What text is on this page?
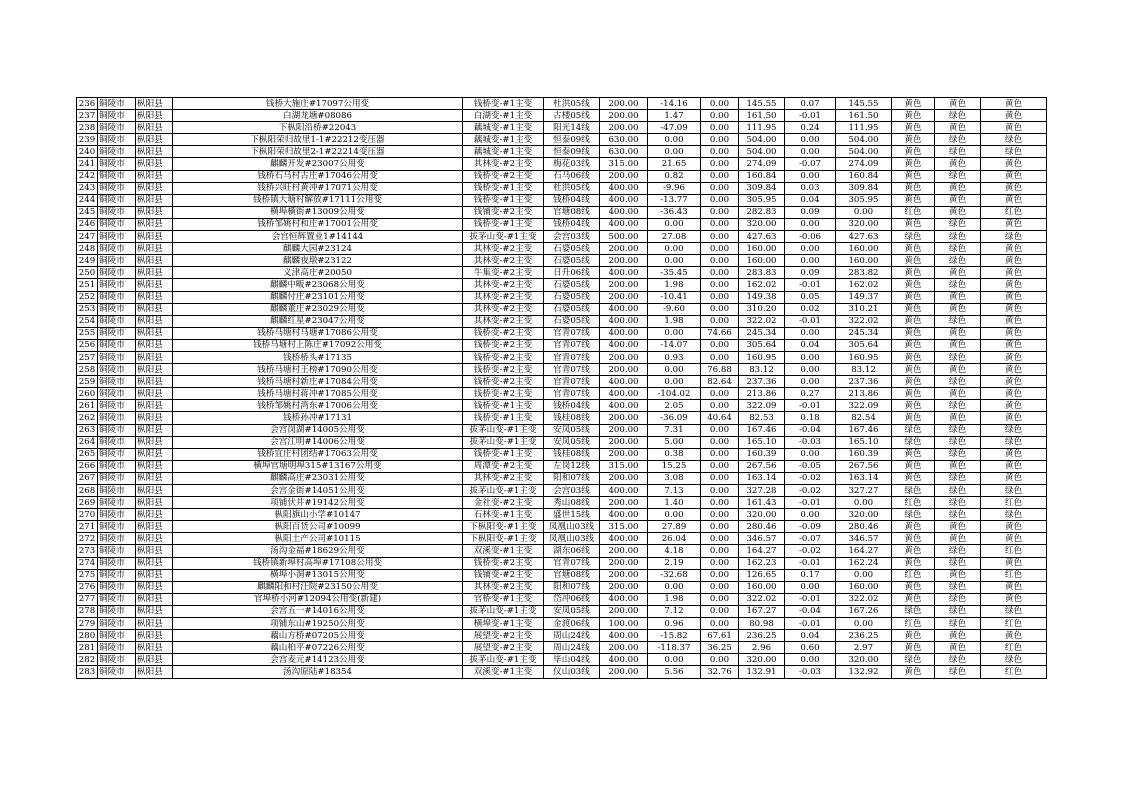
236	铜陵市	枞阳县	钱桥大施庄#17097公用变	钱桥变-#1主变	杜洪05线	200.00	-14.16	0.00	145.55	0.07	145.55	黄色	黄色	黄色
237	铜陵市	枞阳县	白湖龙塘#08086	白湖变-#1主变	古楼05线	200.00	1.47	0.00	161.50	-0.01	161.50	黄色	绿色	黄色
238	铜陵市	枞阳县	下枞阳沿桥#22043	藕城变-#1主变	阳光14线	200.00	-47.09	0.00	111.95	0.24	111.95	黄色	黄色	黄色
239	铜陵市	枞阳县	下枞阳荣归故里1-1#22212变压器	藕城变-#1主变	恒泰09线	630.00	0.00	0.00	504.00	0.00	504.00	黄色	绿色	绿色
240	铜陵市	枞阳县	下枞阳荣归故里2-1#22214变压器	藕城变-#1主变	恒泰09线	630.00	0.00	0.00	504.00	0.00	504.00	黄色	绿色	绿色
241	铜陵市	枞阳县	麒麟开发#23007公用变	其林变-#2主变	梅花03线	315.00	21.65	0.00	274.09	-0.07	274.09	黄色	黄色	黄色
242	铜陵市	枞阳县	钱桥石马村古庄#17046公用变	钱桥变-#2主变	石马06线	200.00	0.82	0.00	160.84	0.00	160.84	黄色	绿色	黄色
243	铜陵市	枞阳县	钱桥兴旺村黄冲#17071公用变	钱桥变-#1主变	杜洪05线	400.00	-9.96	0.00	309.84	0.03	309.84	黄色	黄色	黄色
244	铜陵市	枞阳县	钱桥镇大塘村解放#17111公用变	钱桥变-#1主变	钱桥04线	400.00	-13.77	0.00	305.95	0.04	305.95	黄色	黄色	黄色
245	铜陵市	枞阳县	横埠横街#13009公用变	钱铺变-#2主变	官塘08线	400.00	-36.43	0.00	282.83	0.09	0.00	红色	黄色	红色
246	铜陵市	枞阳县	钱桥邹姚村和庄#17001公用变	钱桥变-#1主变	钱桥04线	400.00	0.00	0.00	320.00	0.00	320.00	黄色	绿色	黄色
247	铜陵市	枞阳县	会宫恒辉置业1#14144	拔茅山变-#1主变	会宫03线	500.00	27.08	0.00	427.63	-0.06	427.63	绿色	绿色	绿色
248	铜陵市	枞阳县	麒麟大园#23124	其林变-#2主变	石婆05线	200.00	0.00	0.00	160.00	0.00	160.00	黄色	绿色	黄色
249	铜陵市	枞阳县	麒麟夜墩#23122	其林变-#2主变	石婆05线	200.00	0.00	0.00	160.00	0.00	160.00	黄色	绿色	黄色
250	铜陵市	枞阳县	义津高庄#20050	牛集变-#2主变	日升06线	400.00	-35.45	0.00	283.83	0.09	283.82	黄色	黄色	黄色
251	铜陵市	枞阳县	麒麟中畈#23068公用变	其林变-#2主变	石婆05线	200.00	1.98	0.00	162.02	-0.01	162.02	黄色	绿色	黄色
252	铜陵市	枞阳县	麒麟付庄#23101公用变	其林变-#2主变	石婆05线	200.00	-10.41	0.00	149.38	0.05	149.37	黄色	黄色	黄色
253	铜陵市	枞阳县	麒麟董庄#23029公用变	其林变-#2主变	石婆05线	400.00	-9.60	0.00	310.20	0.02	310.21	黄色	黄色	黄色
254	铜陵市	枞阳县	麒麟红星#23047公用变	其林变-#2主变	石婆05线	400.00	1.98	0.00	322.02	-0.01	322.02	黄色	绿色	黄色
255	铜陵市	枞阳县	钱桥马塘村马塘#17086公用变	钱桥变-#2主变	官青07线	400.00	0.00	74.66	245.34	0.00	245.34	黄色	黄色	黄色
256	铜陵市	枞阳县	钱桥马塘村上陈庄#17092公用变	钱桥变-#2主变	官青07线	400.00	-14.07	0.00	305.64	0.04	305.64	黄色	黄色	黄色
257	铜陵市	枞阳县	钱桥桥头#17135	钱桥变-#2主变	官青07线	200.00	0.93	0.00	160.95	0.00	160.95	黄色	绿色	黄色
258	铜陵市	枞阳县	钱桥马塘村王榜#17090公用变	钱桥变-#2主变	官青07线	200.00	0.00	76.88	83.12	0.00	83.12	黄色	黄色	黄色
259	铜陵市	枞阳县	钱桥马塘村新庄#17084公用变	钱桥变-#2主变	官青07线	400.00	0.00	82.64	237.36	0.00	237.36	黄色	绿色	黄色
260	铜陵市	枞阳县	钱桥马塘村蒋冲#17085公用变	钱桥变-#2主变	官青07线	400.00	-104.02	0.00	213.86	0.27	213.86	黄色	黄色	黄色
261	铜陵市	枞阳县	钱桥邹姚村湾东#17006公用变	钱桥变-#1主变	钱桥04线	400.00	2.05	0.00	322.09	-0.01	322.09	黄色	绿色	黄色
262	铜陵市	枞阳县	钱桥孙冲#17131	钱桥变-#1主变	钱桂08线	200.00	-36.09	40.64	82.53	0.18	82.54	黄色	黄色	黄色
263	铜陵市	枞阳县	会宫岗湖#14005公用变	拔茅山变-#1主变	安凤05线	200.00	7.31	0.00	167.46	-0.04	167.46	绿色	绿色	绿色
264	铜陵市	枞阳县	会宫江明#14006公用变	拔茅山变-#1主变	安凤05线	200.00	5.00	0.00	165.10	-0.03	165.10	绿色	绿色	绿色
265	铜陵市	枞阳县	钱桥宜庄村团结#17063公用变	钱桥变-#1主变	钱桂08线	200.00	0.38	0.00	160.39	0.00	160.39	黄色	绿色	黄色
266	铜陵市	枞阳县	横埠官塘明埠315#13167公用变	周潭变-#2主变	左岗12线	315.00	15.25	0.00	267.56	-0.05	267.56	黄色	黄色	黄色
267	铜陵市	枞阳县	麒麟高庄#23031公用变	其林变-#2主变	阳和07线	200.00	3.08	0.00	163.14	-0.02	163.14	黄色	绿色	黄色
268	铜陵市	枞阳县	会宫金街#14051公用变	拔茅山变-#1主变	会宫03线	400.00	7.13	0.00	327.28	-0.02	327.27	绿色	绿色	绿色
269	铜陵市	枞阳县	项铺伏井#19142公用变	金社变-#2主变	秀山08线	200.00	1.40	0.00	161.43	-0.01	0.00	红色	绿色	红色
270	铜陵市	枞阳县	枞阳旗山小学#10147	石林变-#1主变	盛世15线	400.00	0.00	0.00	320.00	0.00	320.00	绿色	绿色	绿色
271	铜陵市	枞阳县	枞阳百货公司#10099	下枞阳变-#1主变	凤凰山03线	315.00	27.89	0.00	280.46	-0.09	280.46	黄色	黄色	黄色
272	铜陵市	枞阳县	枞阳土产公司#10115	下枞阳变-#1主变	凤凰山03线	400.00	26.04	0.00	346.57	-0.07	346.57	黄色	黄色	黄色
273	铜陵市	枞阳县	汤沟金福#18629公用变	双溪变-#1主变	湖东06线	200.00	4.18	0.00	164.27	-0.02	164.27	黄色	绿色	红色
274	铜陵市	枞阳县	钱桥镇新埠村高埠#17108公用变	钱桥变-#2主变	官青07线	200.00	2.19	0.00	162.23	-0.01	162.24	黄色	绿色	黄色
275	铜陵市	枞阳县	横埠小洞#13015公用变	钱铺变-#2主变	官塘08线	200.00	-32.68	0.00	126.65	0.17	0.00	红色	黄色	红色
276	铜陵市	枞阳县	麒麟阳和村汪院#23150公用变	其林变-#2主变	阳和07线	200.00	0.00	0.00	160.00	0.00	160.00	黄色	绿色	黄色
277	铜陵市	枞阳县	官埠桥小河#12094公用变(新建)	官桥变-#1主变	岱冲06线	400.00	1.98	0.00	322.02	-0.01	322.02	黄色	绿色	黄色
278	铜陵市	枞阳县	会宫五一#14016公用变	拔茅山变-#1主变	安凤05线	200.00	7.12	0.00	167.27	-0.04	167.26	绿色	绿色	绿色
279	铜陵市	枞阳县	项铺东山#19250公用变	横埠变-#1主变	金渡06线	100.00	0.96	0.00	80.98	-0.01	0.00	红色	绿色	红色
280	铜陵市	枞阳县	藕山方桥#07205公用变	展望变-#2主变	周山24线	400.00	-15.82	67.61	236.25	0.04	236.25	黄色	黄色	黄色
281	铜陵市	枞阳县	藕山桕平#07226公用变	展望变-#2主变	周山24线	200.00	-118.37	36.25	2.96	0.60	2.97	黄色	黄色	红色
282	铜陵市	枞阳县	会宫麦元#14123公用变	拔茅山变-#1主变	毕山04线	400.00	0.00	0.00	320.00	0.00	320.00	绿色	绿色	绿色
283	铜陵市	枞阳县	汤沟原陆#18354	双溪变-#1主变	仪山03线	200.00	5.56	32.76	132.91	-0.03	132.92	黄色	绿色	红色
